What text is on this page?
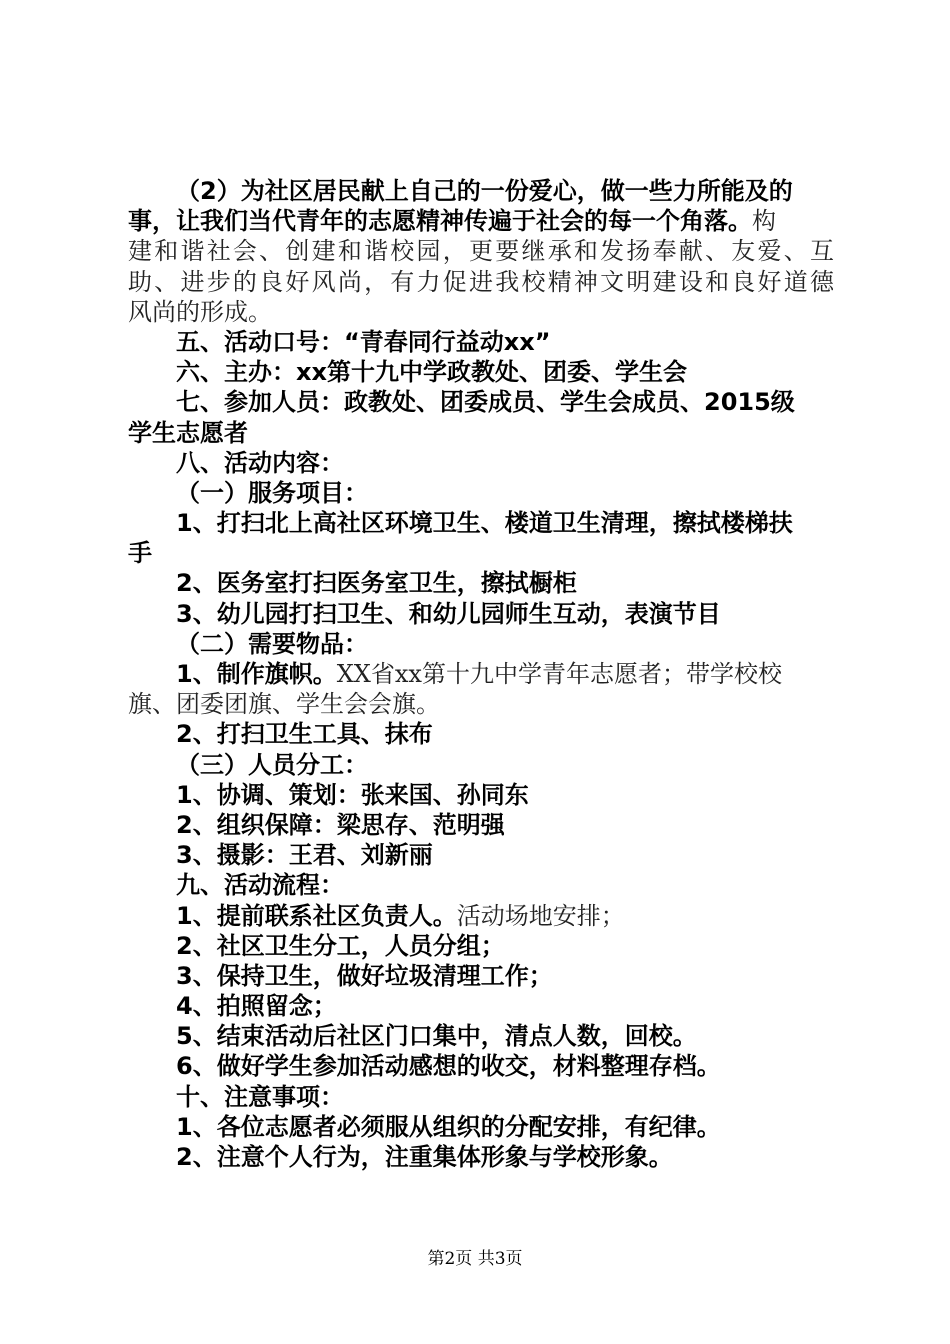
（2）为社区居民献上自己的一份爱心，做一些力所能及的
事，让我们当代青年的志愿精神传遍于社会的每一个角落。构
建和谐社会、创建和谐校园，更要继承和发扬奉献、友爱、互
助、进步的良好风尚，有力促进我校精神文明建设和良好道德
风尚的形成。
五、活动口号：“青春同行益动xx”
六、主办：xx第十九中学政教处、团委、学生会
七、参加人员：政教处、团委成员、学生会成员、2015级
学生志愿者
八、活动内容：
（一）服务项目：
1、打扫北上高社区环境卫生、楼道卫生清理，擦拭楼梯扶
手
2、医务室打扫医务室卫生，擦拭橱柜
3、幼儿园打扫卫生、和幼儿园师生互动，表演节目
（二）需要物品：
1、制作旗帜。XX省xx第十九中学青年志愿者；带学校校
旗、团委团旗、学生会会旗。
2、打扫卫生工具、抹布
（三）人员分工：
1、协调、策划：张来国、孙同东
2、组织保障：梁思存、范明强
3、摄影：王君、刘新丽
九、活动流程：
1、提前联系社区负责人。活动场地安排；
2、社区卫生分工，人员分组；
3、保持卫生，做好垃圾清理工作；
4、拍照留念；
5、结束活动后社区门口集中，清点人数，回校。
6、做好学生参加活动感想的收交，材料整理存档。
十、注意事项：
1、各位志愿者必须服从组织的分配安排，有纪律。
2、注意个人行为，注重集体形象与学校形象。
第2页 共3页
